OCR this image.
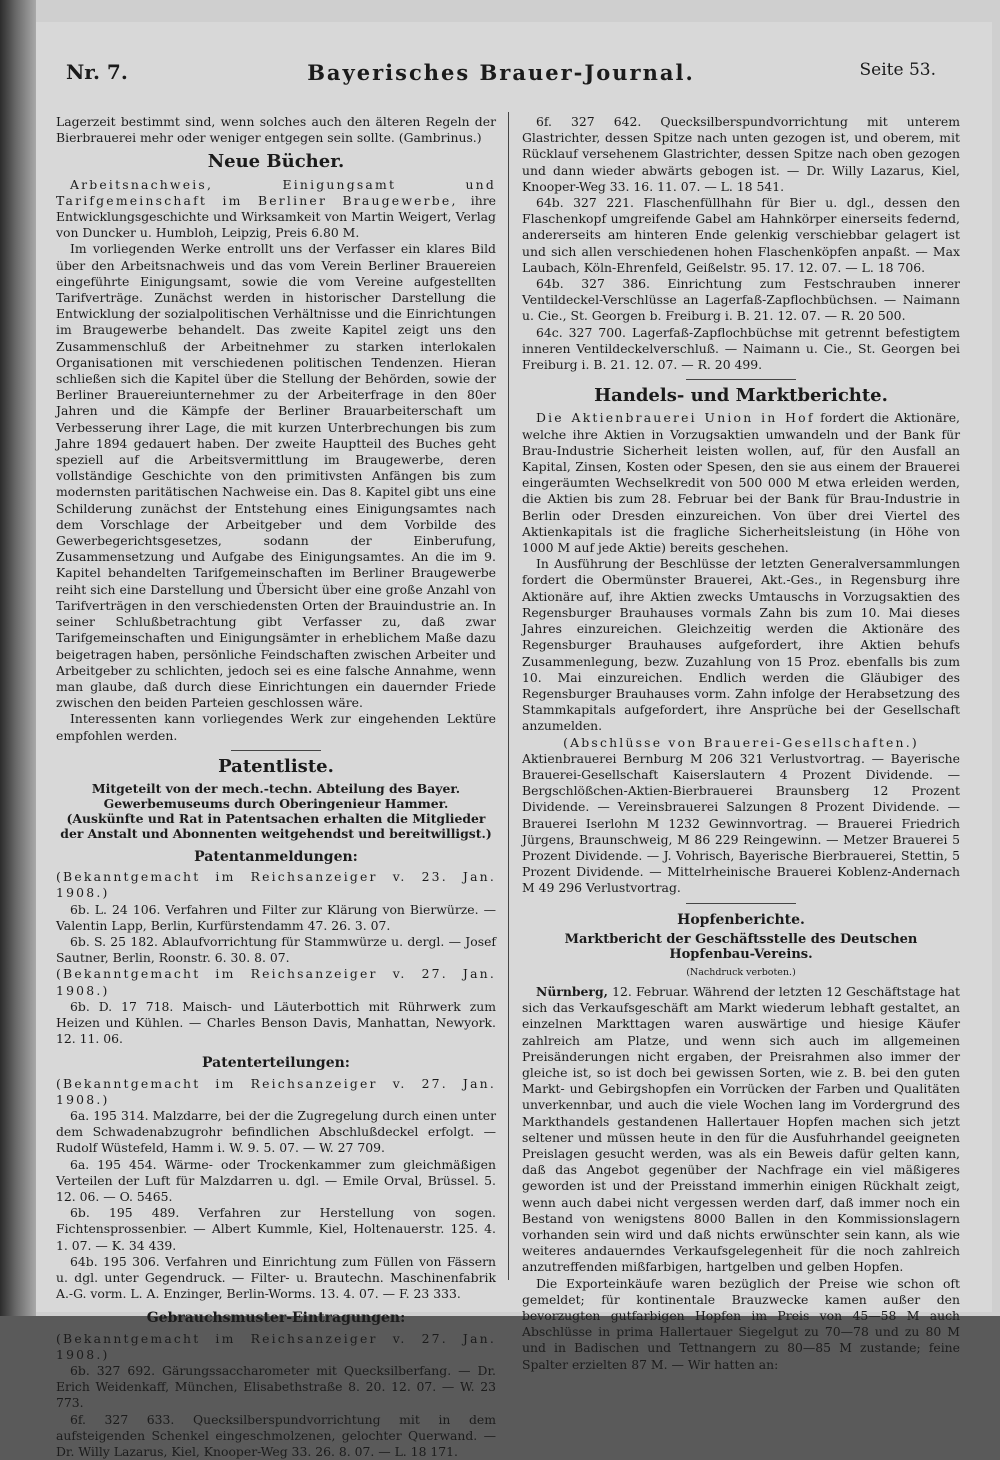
Nr. 7.	Bayerisches Brauer-Journal.	Seite 53.

Lagerzeit bestimmt sind, wenn solches auch den älteren Regeln der Bierbrauerei mehr oder weniger entgegen sein sollte. (Gambrinus.)

Neue Bücher.

Arbeitsnachweis, Einigungsamt und Tarifgemeinschaft im Berliner Braugewerbe, ihre Entwicklungsgeschichte und Wirksamkeit von Martin Weigert, Verlag von Duncker u. Humbloh, Leipzig, Preis 6.80 M.

Im vorliegenden Werke entrollt uns der Verfasser ein klares Bild über den Arbeitsnachweis und das vom Verein Berliner Brauereien eingeführte Einigungsamt, sowie die vom Vereine aufgestellten Tarifverträge. Zunächst werden in historischer Darstellung die Entwicklung der sozialpolitischen Verhältnisse und die Einrichtungen im Braugewerbe behandelt. Das zweite Kapitel zeigt uns den Zusammenschluß der Arbeitnehmer zu starken interlokalen Organisationen mit verschiedenen politischen Tendenzen. Hieran schließen sich die Kapitel über die Stellung der Behörden, sowie der Berliner Brauereiunternehmer zu der Arbeiterfrage in den 80er Jahren und die Kämpfe der Berliner Brauarbeiterschaft um Verbesserung ihrer Lage, die mit kurzen Unterbrechungen bis zum Jahre 1894 gedauert haben. Der zweite Hauptteil des Buches geht speziell auf die Arbeitsvermittlung im Braugewerbe, deren vollständige Geschichte von den primitivsten Anfängen bis zum modernsten paritätischen Nachweise ein. Das 8. Kapitel gibt uns eine Schilderung zunächst der Entstehung eines Einigungsamtes nach dem Vorschlage der Arbeitgeber und dem Vorbilde des Gewerbegerichtsgesetzes, sodann der Einberufung, Zusammensetzung und Aufgabe des Einigungsamtes. An die im 9. Kapitel behandelten Tarifgemeinschaften im Berliner Braugewerbe reiht sich eine Darstellung und Übersicht über eine große Anzahl von Tarifverträgen in den verschiedensten Orten der Brauindustrie an. In seiner Schlußbetrachtung gibt Verfasser zu, daß zwar Tarifgemeinschaften und Einigungsämter in erheblichem Maße dazu beigetragen haben, persönliche Feindschaften zwischen Arbeiter und Arbeitgeber zu schlichten, jedoch sei es eine falsche Annahme, wenn man glaube, daß durch diese Einrichtungen ein dauernder Friede zwischen den beiden Parteien geschlossen wäre.

Interessenten kann vorliegendes Werk zur eingehenden Lektüre empfohlen werden.

Patentliste.

Mitgeteilt von der mech.-techn. Abteilung des Bayer. Gewerbemuseums durch Oberingenieur Hammer.

(Auskünfte und Rat in Patentsachen erhalten die Mitglieder der Anstalt und Abonnenten weitgehendst und bereitwilligst.)

Patentanmeldungen:

(Bekanntgemacht im Reichsanzeiger v. 23. Jan. 1908.)

6b. L. 24 106. Verfahren und Filter zur Klärung von Bierwürze. — Valentin Lapp, Berlin, Kurfürstendamm 47. 26. 3. 07.

6b. S. 25 182. Ablaufvorrichtung für Stammwürze u. dergl. — Josef Sautner, Berlin, Roonstr. 6. 30. 8. 07.

(Bekanntgemacht im Reichsanzeiger v. 27. Jan. 1908.)

6b. D. 17 718. Maisch- und Läuterbottich mit Rührwerk zum Heizen und Kühlen. — Charles Benson Davis, Manhattan, Newyork. 12. 11. 06.

Patenterteilungen:

(Bekanntgemacht im Reichsanzeiger v. 27. Jan. 1908.)

6a. 195 314. Malzdarre, bei der die Zugregelung durch einen unter dem Schwadenabzugrohr befindlichen Abschlußdeckel erfolgt. — Rudolf Wüstefeld, Hamm i. W. 9. 5. 07. — W. 27 709.

6a. 195 454. Wärme- oder Trockenkammer zum gleichmäßigen Verteilen der Luft für Malzdarren u. dgl. — Emile Orval, Brüssel. 5. 12. 06. — O. 5465.

6b. 195 489. Verfahren zur Herstellung von sogen. Fichtensprossenbier. — Albert Kummle, Kiel, Holtenauerstr. 125. 4. 1. 07. — K. 34 439.

64b. 195 306. Verfahren und Einrichtung zum Füllen von Fässern u. dgl. unter Gegendruck. — Filter- u. Brautechn. Maschinenfabrik A.-G. vorm. L. A. Enzinger, Berlin-Worms. 13. 4. 07. — F. 23 333.

Gebrauchsmuster-Eintragungen:

(Bekanntgemacht im Reichsanzeiger v. 27. Jan. 1908.)

6b. 327 692. Gärungssaccharometer mit Quecksilberfang. — Dr. Erich Weidenkaff, München, Elisabethstraße 8. 20. 12. 07. — W. 23 773.

6f. 327 633. Quecksilberspundvorrichtung mit in dem aufsteigenden Schenkel eingeschmolzenen, gelochter Querwand. — Dr. Willy Lazarus, Kiel, Knooper-Weg 33. 26. 8. 07. — L. 18 171.

6f. 327 642. Quecksilberspundvorrichtung mit unterem Glastrichter, dessen Spitze nach unten gezogen ist, und oberem, mit Rücklauf versehenem Glastrichter, dessen Spitze nach oben gezogen und dann wieder abwärts gebogen ist. — Dr. Willy Lazarus, Kiel, Knooper-Weg 33. 16. 11. 07. — L. 18 541.

64b. 327 221. Flaschenfüllhahn für Bier u. dgl., dessen den Flaschenkopf umgreifende Gabel am Hahnkörper einerseits federnd, andererseits am hinteren Ende gelenkig verschiebbar gelagert ist und sich allen verschiedenen hohen Flaschenköpfen anpaßt. — Max Laubach, Köln-Ehrenfeld, Geißelstr. 95. 17. 12. 07. — L. 18 706.

64b. 327 386. Einrichtung zum Festschrauben innerer Ventildeckel-Verschlüsse an Lagerfaß-Zapflochbüchsen. — Naimann u. Cie., St. Georgen b. Freiburg i. B. 21. 12. 07. — R. 20 500.

64c. 327 700. Lagerfaß-Zapflochbüchse mit getrennt befestigtem inneren Ventildeckelverschluß. — Naimann u. Cie., St. Georgen bei Freiburg i. B. 21. 12. 07. — R. 20 499.

Handels- und Marktberichte.

Die Aktienbrauerei Union in Hof fordert die Aktionäre, welche ihre Aktien in Vorzugsaktien umwandeln und der Bank für Brau-Industrie Sicherheit leisten wollen, auf, für den Ausfall an Kapital, Zinsen, Kosten oder Spesen, den sie aus einem der Brauerei eingeräumten Wechselkredit von 500 000 M etwa erleiden werden, die Aktien bis zum 28. Februar bei der Bank für Brau-Industrie in Berlin oder Dresden einzureichen. Von über drei Viertel des Aktienkapitals ist die fragliche Sicherheitsleistung (in Höhe von 1000 M auf jede Aktie) bereits geschehen.

In Ausführung der Beschlüsse der letzten Generalversammlungen fordert die Obermünster Brauerei, Akt.-Ges., in Regensburg ihre Aktionäre auf, ihre Aktien zwecks Umtauschs in Vorzugsaktien des Regensburger Brauhauses vormals Zahn bis zum 10. Mai dieses Jahres einzureichen. Gleichzeitig werden die Aktionäre des Regensburger Brauhauses aufgefordert, ihre Aktien behufs Zusammenlegung, bezw. Zuzahlung von 15 Proz. ebenfalls bis zum 10. Mai einzureichen. Endlich werden die Gläubiger des Regensburger Brauhauses vorm. Zahn infolge der Herabsetzung des Stammkapitals aufgefordert, ihre Ansprüche bei der Gesellschaft anzumelden.

(Abschlüsse von Brauerei-Gesellschaften.)

Aktienbrauerei Bernburg M 206 321 Verlustvortrag. — Bayerische Brauerei-Gesellschaft Kaiserslautern 4 Prozent Dividende. — Bergschlößchen-Aktien-Bierbrauerei Braunsberg 12 Prozent Dividende. — Vereinsbrauerei Salzungen 8 Prozent Dividende. — Brauerei Iserlohn M 1232 Gewinnvortrag. — Brauerei Friedrich Jürgens, Braunschweig, M 86 229 Reingewinn. — Metzer Brauerei 5 Prozent Dividende. — J. Vohrisch, Bayerische Bierbrauerei, Stettin, 5 Prozent Dividende. — Mittelrheinische Brauerei Koblenz-Andernach M 49 296 Verlustvortrag.

Hopfenberichte.

Marktbericht der Geschäftsstelle des Deutschen Hopfenbau-Vereins.

(Nachdruck verboten.)

Nürnberg, 12. Februar. Während der letzten 12 Geschäftstage hat sich das Verkaufsgeschäft am Markt wiederum lebhaft gestaltet, an einzelnen Markttagen waren auswärtige und hiesige Käufer zahlreich am Platze, und wenn sich auch im allgemeinen Preisänderungen nicht ergaben, der Preisrahmen also immer der gleiche ist, so ist doch bei gewissen Sorten, wie z. B. bei den guten Markt- und Gebirgshopfen ein Vorrücken der Farben und Qualitäten unverkennbar, und auch die viele Wochen lang im Vordergrund des Markthandels gestandenen Hallertauer Hopfen machen sich jetzt seltener und müssen heute in den für die Ausfuhrhandel geeigneten Preislagen gesucht werden, was als ein Beweis dafür gelten kann, daß das Angebot gegenüber der Nachfrage ein viel mäßigeres geworden ist und der Preisstand immerhin einigen Rückhalt zeigt, wenn auch dabei nicht vergessen werden darf, daß immer noch ein Bestand von wenigstens 8000 Ballen in den Kommissionslagern vorhanden sein wird und daß nichts erwünschter sein kann, als wie weiteres andauerndes Verkaufsgelegenheit für die noch zahlreich anzutreffenden mißfarbigen, hartgelben und gelben Hopfen.

Die Exporteinkäufe waren bezüglich der Preise wie schon oft gemeldet; für kontinentale Brauzwecke kamen außer den bevorzugten gutfarbigen Hopfen im Preis von 45—58 M auch Abschlüsse in prima Hallertauer Siegelgut zu 70—78 und zu 80 M und in Badischen und Tettnangern zu 80—85 M zustande; feine Spalter erzielten 87 M. — Wir hatten an:
